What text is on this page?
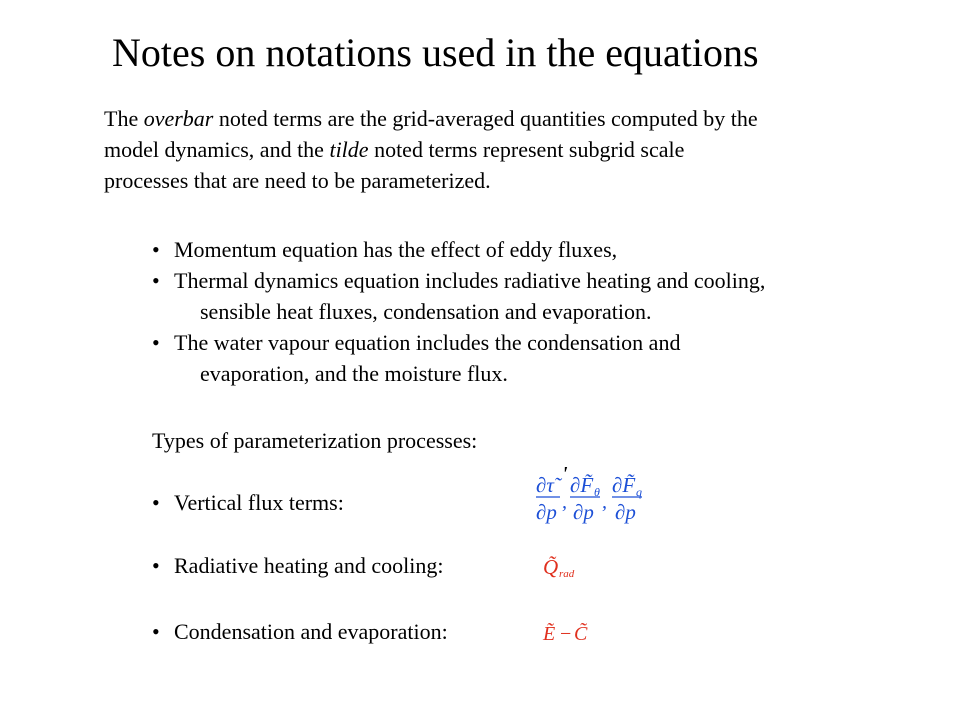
Notes on notations used in the equations
The overbar noted terms are the grid-averaged quantities computed by the
model dynamics, and the tilde noted terms represent subgrid scale
processes that are need to be parameterized.
• Momentum equation has the effect of eddy fluxes,
• Thermal dynamics equation includes radiative heating and cooling,
sensible heat fluxes, condensation and evaporation.
• The water vapour equation includes the condensation and
evaporation, and the moisture flux.
Types of parameterization processes:
• Vertical flux terms:
• Radiative heating and cooling:
• Condensation and evaporation:
∂τ̃ '
∂p ,
∂F̃ θ
∂p ,
∂F̃ q
∂p
Q̃ rad
Ẽ − C̃
